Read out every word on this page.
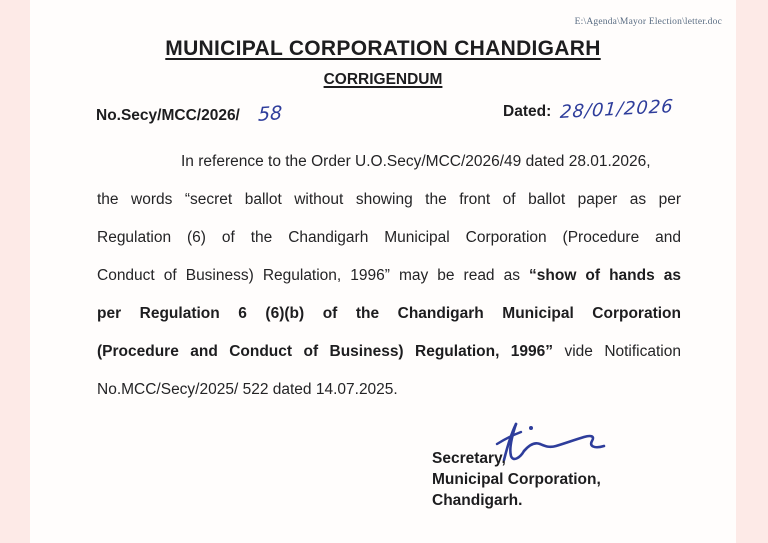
E:\Agenda\Mayor Election\letter.doc
MUNICIPAL CORPORATION CHANDIGARH
CORRIGENDUM
No.Secy/MCC/2026/ 58	Dated: 28/01/2026
In reference to the Order U.O.Secy/MCC/2026/49 dated 28.01.2026,
the words “secret ballot without showing the front of ballot paper as per
Regulation (6) of the Chandigarh Municipal Corporation (Procedure and
Conduct of Business) Regulation, 1996” may be read as “show of hands as
per Regulation 6 (6)(b) of the Chandigarh Municipal Corporation
(Procedure and Conduct of Business) Regulation, 1996” vide Notification
No.MCC/Secy/2025/ 522 dated 14.07.2025.
Secretary,
Municipal Corporation,
Chandigarh.
